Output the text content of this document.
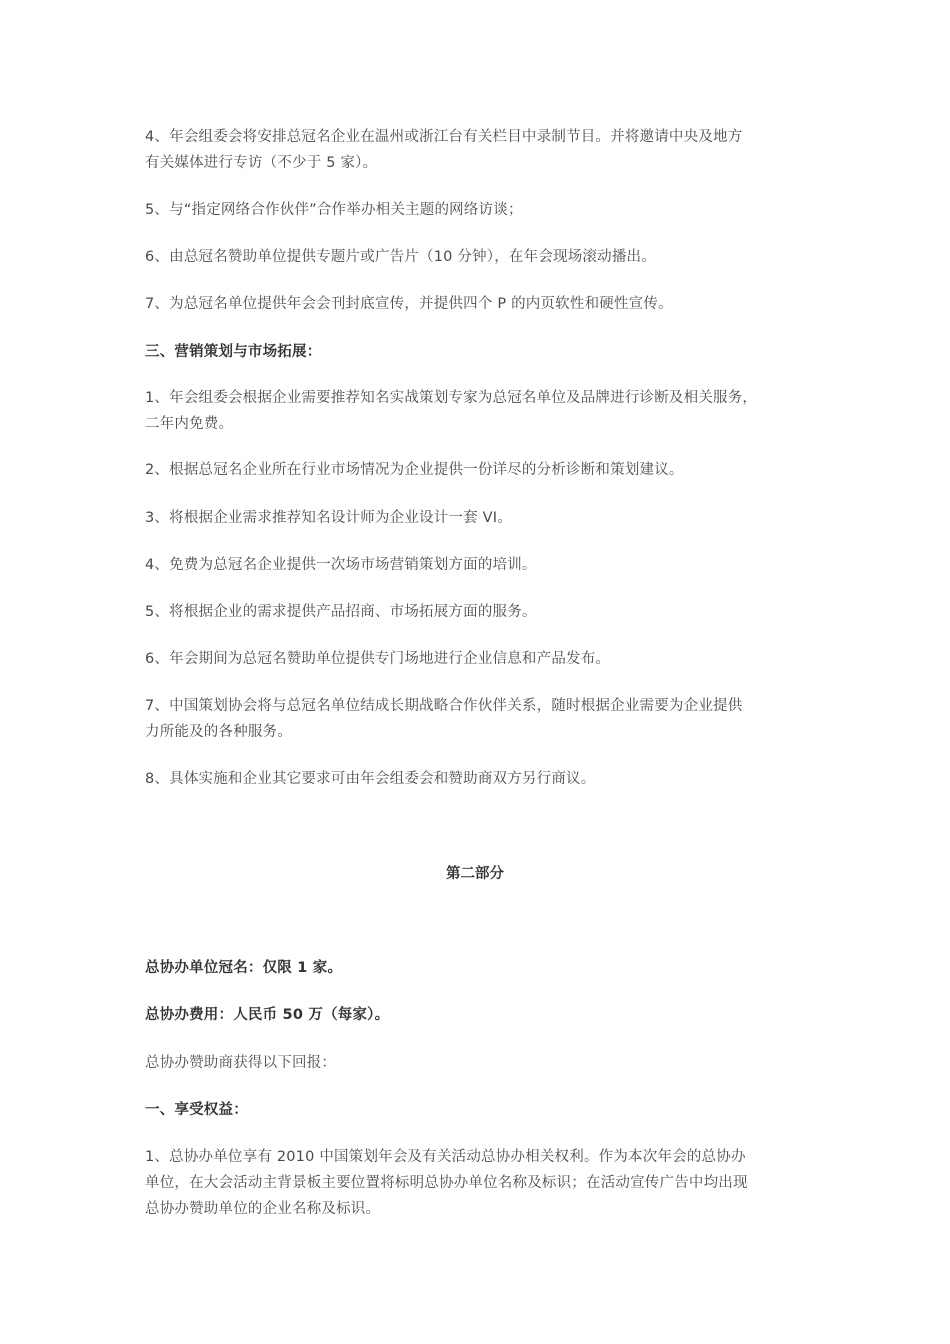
4、年会组委会将安排总冠名企业在温州或浙江台有关栏目中录制节目。并将邀请中央及地方
有关媒体进行专访（不少于 5 家）。

5、与“指定网络合作伙伴”合作举办相关主题的网络访谈；

6、由总冠名赞助单位提供专题片或广告片（10 分钟），在年会现场滚动播出。

7、为总冠名单位提供年会会刊封底宣传，并提供四个 P 的内页软性和硬性宣传。

三、营销策划与市场拓展：

1、年会组委会根据企业需要推荐知名实战策划专家为总冠名单位及品牌进行诊断及相关服务，
二年内免费。

2、根据总冠名企业所在行业市场情况为企业提供一份详尽的分析诊断和策划建议。

3、将根据企业需求推荐知名设计师为企业设计一套 VI。

4、免费为总冠名企业提供一次场市场营销策划方面的培训。

5、将根据企业的需求提供产品招商、市场拓展方面的服务。

6、年会期间为总冠名赞助单位提供专门场地进行企业信息和产品发布。

7、中国策划协会将与总冠名单位结成长期战略合作伙伴关系，随时根据企业需要为企业提供
力所能及的各种服务。

8、具体实施和企业其它要求可由年会组委会和赞助商双方另行商议。

第二部分

总协办单位冠名：仅限 1 家。

总协办费用：人民币 50 万（每家）。

总协办赞助商获得以下回报：

一、享受权益：

1、总协办单位享有 2010 中国策划年会及有关活动总协办相关权利。作为本次年会的总协办
单位，在大会活动主背景板主要位置将标明总协办单位名称及标识；在活动宣传广告中均出现
总协办赞助单位的企业名称及标识。
